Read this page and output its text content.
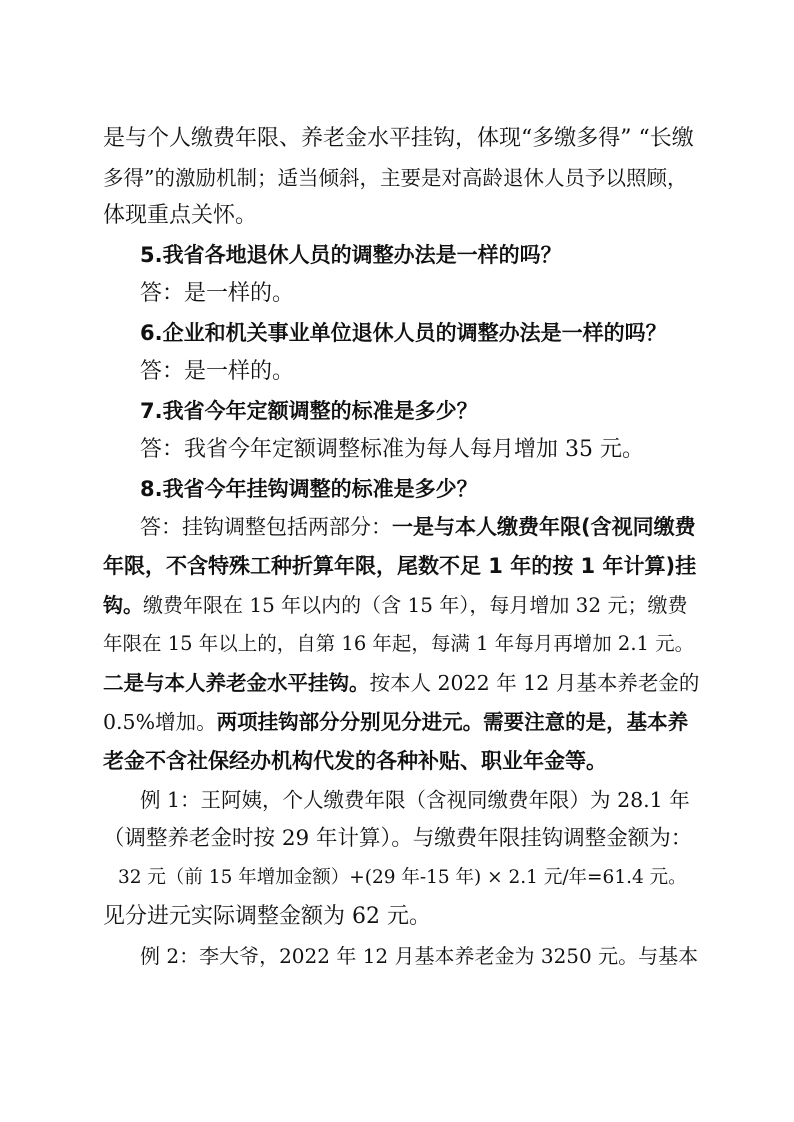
是与个人缴费年限、养老金水平挂钩，体现“多缴多得” “长缴
多得”的激励机制；适当倾斜，主要是对高龄退休人员予以照顾，
体现重点关怀。
5.我省各地退休人员的调整办法是一样的吗？
答：是一样的。
6.企业和机关事业单位退休人员的调整办法是一样的吗？
答：是一样的。
7.我省今年定额调整的标准是多少？
答：我省今年定额调整标准为每人每月增加 35 元。
8.我省今年挂钩调整的标准是多少？
答：挂钩调整包括两部分：一是与本人缴费年限(含视同缴费
年限，不含特殊工种折算年限，尾数不足 1 年的按 1 年计算)挂
钩。缴费年限在 15 年以内的（含 15 年），每月增加 32 元；缴费
年限在 15 年以上的，自第 16 年起，每满 1 年每月再增加 2.1 元。
二是与本人养老金水平挂钩。按本人 2022 年 12 月基本养老金的
0.5%增加。两项挂钩部分分别见分进元。需要注意的是，基本养
老金不含社保经办机构代发的各种补贴、职业年金等。
例 1：王阿姨，个人缴费年限（含视同缴费年限）为 28.1 年
（调整养老金时按 29 年计算）。与缴费年限挂钩调整金额为：
32 元（前 15 年增加金额）+(29 年-15 年) × 2.1 元/年=61.4 元。
见分进元实际调整金额为 62 元。
例 2：李大爷，2022 年 12 月基本养老金为 3250 元。与基本
